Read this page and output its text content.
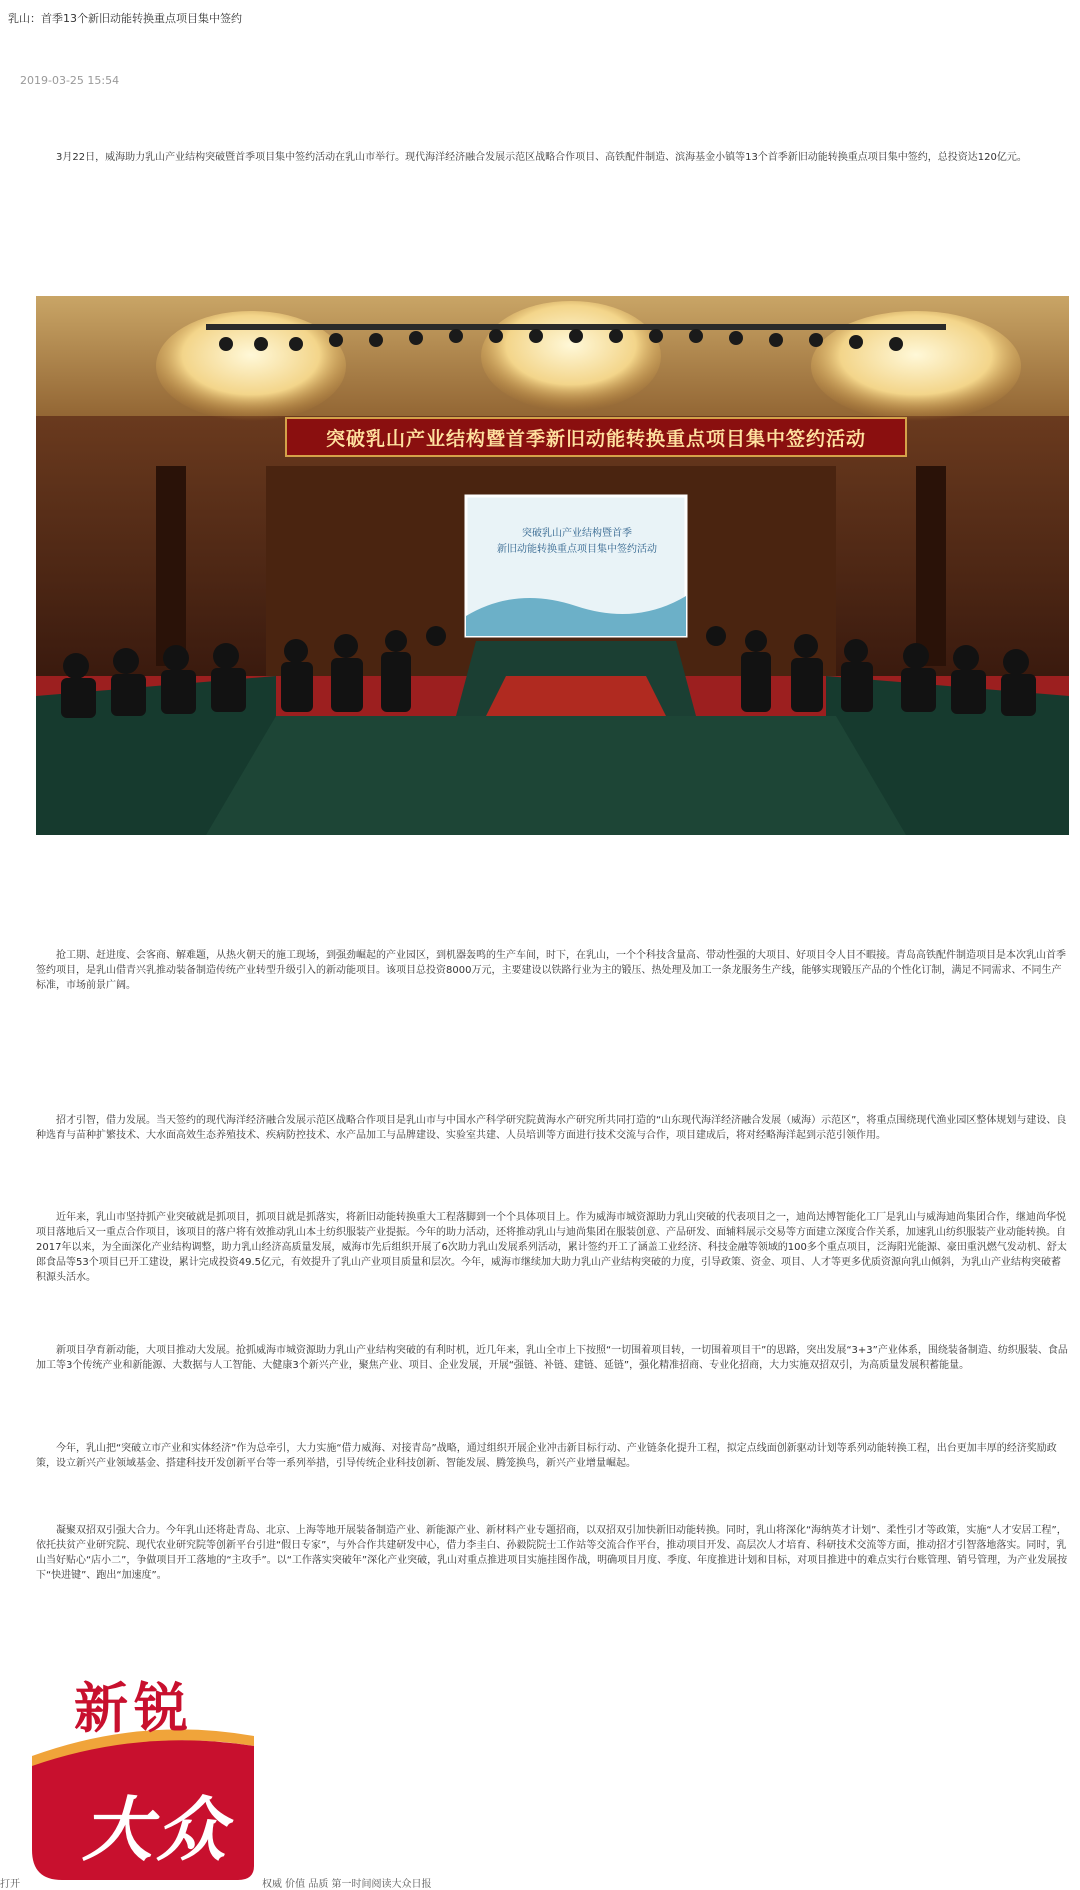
乳山：首季13个新旧动能转换重点项目集中签约
2019-03-25 15:54

3月22日，威海助力乳山产业结构突破暨首季项目集中签约活动在乳山市举行。现代海洋经济融合发展示范区战略合作项目、高铁配件制造、滨海基金小镇等13个首季新旧动能转换重点项目集中签约，总投资达120亿元。

突破乳山产业结构暨首季新旧动能转换重点项目集中签约活动
突破乳山产业结构暨首季
新旧动能转换重点项目集中签约活动

抢工期、赶进度、会客商、解难题，从热火朝天的施工现场，到强劲崛起的产业园区，到机器轰鸣的生产车间，时下，在乳山，一个个科技含量高、带动性强的大项目、好项目令人目不暇接。青岛高铁配件制造项目是本次乳山首季签约项目，是乳山借青兴乳推动装备制造传统产业转型升级引入的新动能项目。该项目总投资8000万元，主要建设以铁路行业为主的锻压、热处理及加工一条龙服务生产线，能够实现锻压产品的个性化订制，满足不同需求、不同生产标准，市场前景广阔。

招才引智，借力发展。当天签约的现代海洋经济融合发展示范区战略合作项目是乳山市与中国水产科学研究院黄海水产研究所共同打造的“山东现代海洋经济融合发展（威海）示范区”，将重点围绕现代渔业园区整体规划与建设、良种选育与苗种扩繁技术、大水面高效生态养殖技术、疾病防控技术、水产品加工与品牌建设、实验室共建、人员培训等方面进行技术交流与合作，项目建成后，将对经略海洋起到示范引领作用。

近年来，乳山市坚持抓产业突破就是抓项目，抓项目就是抓落实，将新旧动能转换重大工程落脚到一个个具体项目上。作为威海市城资源助力乳山突破的代表项目之一，迪尚达博智能化工厂是乳山与威海迪尚集团合作，继迪尚华悦项目落地后又一重点合作项目，该项目的落户将有效推动乳山本土纺织服装产业提振。今年的助力活动，还将推动乳山与迪尚集团在服装创意、产品研发、面辅料展示交易等方面建立深度合作关系，加速乳山纺织服装产业动能转换。自2017年以来，为全面深化产业结构调整，助力乳山经济高质量发展，威海市先后组织开展了6次助力乳山发展系列活动，累计签约开工了涵盖工业经济、科技金融等领域的100多个重点项目，泛海阳光能源、豪田重汎燃气发动机、舒太郎食品等53个项目已开工建设，累计完成投资49.5亿元，有效提升了乳山产业项目质量和层次。今年，威海市继续加大助力乳山产业结构突破的力度，引导政策、资金、项目、人才等更多优质资源向乳山倾斜，为乳山产业结构突破蓄积源头活水。

新项目孕育新动能，大项目推动大发展。抢抓威海市城资源助力乳山产业结构突破的有利时机，近几年来，乳山全市上下按照“一切围着项目转，一切围着项目干”的思路，突出发展“3+3”产业体系，围绕装备制造、纺织服装、食品加工等3个传统产业和新能源、大数据与人工智能、大健康3个新兴产业，聚焦产业、项目、企业发展，开展“强链、补链、建链、延链”，强化精准招商、专业化招商，大力实施双招双引，为高质量发展积蓄能量。

今年，乳山把“突破立市产业和实体经济”作为总牵引，大力实施“借力威海、对接青岛”战略，通过组织开展企业冲击新目标行动、产业链条化提升工程，拟定点线面创新驱动计划等系列动能转换工程，出台更加丰厚的经济奖励政策，设立新兴产业领域基金、搭建科技开发创新平台等一系列举措，引导传统企业科技创新、智能发展、腾笼换鸟，新兴产业增量崛起。

凝聚双招双引强大合力。今年乳山还将赴青岛、北京、上海等地开展装备制造产业、新能源产业、新材料产业专题招商，以双招双引加快新旧动能转换。同时，乳山将深化“海纳英才计划”、柔性引才等政策，实施“人才安居工程”，依托扶贫产业研究院、现代农业研究院等创新平台引进“假日专家”，与外合作共建研发中心，借力李圭白、孙毅院院士工作站等交流合作平台，推动项目开发、高层次人才培育、科研技术交流等方面，推动招才引智落地落实。同时，乳山当好贴心“店小二”，争做项目开工落地的“主攻手”。以“工作落实突破年”深化产业突破，乳山对重点推进项目实施挂图作战，明确项目月度、季度、年度推进计划和目标，对项目推进中的难点实行台账管理、销号管理，为产业发展按下“快进键”、跑出“加速度”。

新锐
大众
打开	权威 价值 品质 第一时间阅读大众日报
